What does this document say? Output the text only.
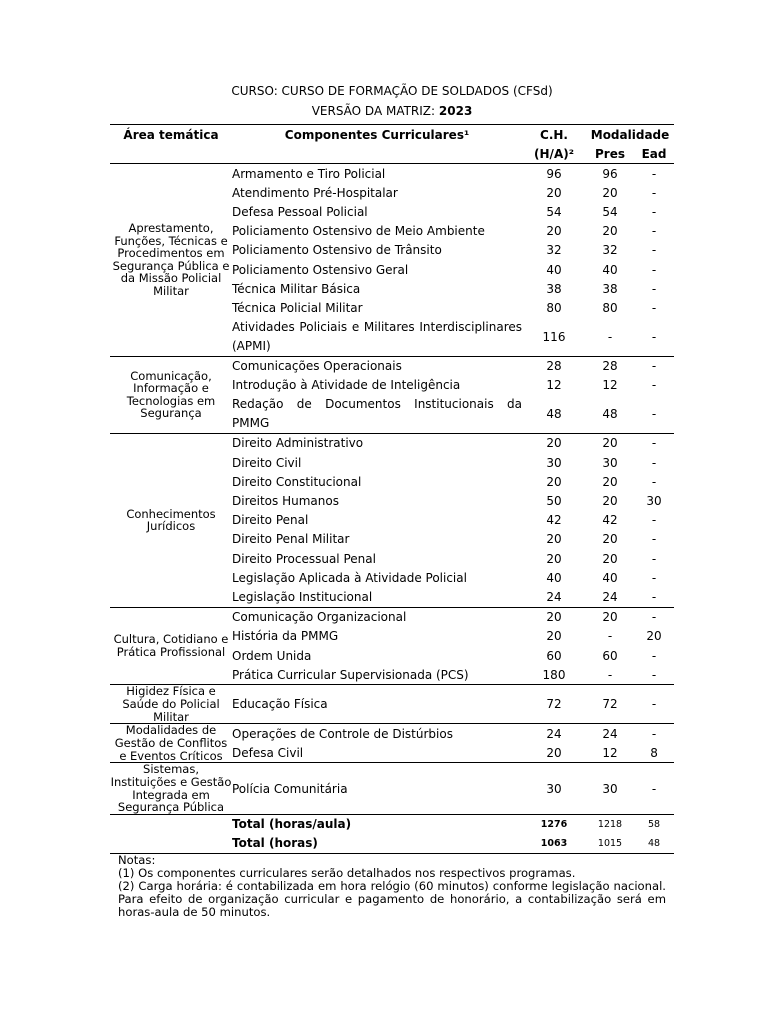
CURSO: CURSO DE FORMAÇÃO DE SOLDADOS (CFSd)
VERSÃO DA MATRIZ: 2023
Área temática	Componentes Curriculares¹	C.H.	Modalidade	
		(H/A)²	Pres	Ead
Aprestamento, Funções, Técnicas e Procedimentos em Segurança Pública e da Missão Policial Militar	Armamento e Tiro Policial	96	96	-
	Atendimento Pré-Hospitalar	20	20	-
	Defesa Pessoal Policial	54	54	-
	Policiamento Ostensivo de Meio Ambiente	20	20	-
	Policiamento Ostensivo de Trânsito	32	32	-
	Policiamento Ostensivo Geral	40	40	-
	Técnica Militar Básica	38	38	-
	Técnica Policial Militar	80	80	-
	Atividades Policiais e Militares Interdisciplinares (APMI)	116	-	-
Comunicação, Informação e Tecnologias em Segurança	Comunicações Operacionais	28	28	-
	Introdução à Atividade de Inteligência	12	12	-
	Redação de Documentos Institucionais da PMMG	48	48	-
Conhecimentos Jurídicos	Direito Administrativo	20	20	-
	Direito Civil	30	30	-
	Direito Constitucional	20	20	-
	Direitos Humanos	50	20	30
	Direito Penal	42	42	-
	Direito Penal Militar	20	20	-
	Direito Processual Penal	20	20	-
	Legislação Aplicada à Atividade Policial	40	40	-
	Legislação Institucional	24	24	-
Cultura, Cotidiano e Prática Profissional	Comunicação Organizacional	20	20	-
	História da PMMG	20	-	20
	Ordem Unida	60	60	-
	Prática Curricular Supervisionada (PCS)	180	-	-
Higidez Física e Saúde do Policial Militar	Educação Física	72	72	-
Modalidades de Gestão de Conflitos e Eventos Críticos	Operações de Controle de Distúrbios	24	24	-
	Defesa Civil	20	12	8
Sistemas, Instituições e Gestão Integrada em Segurança Pública	Polícia Comunitária	30	30	-
	Total (horas/aula)	1276	1218	58
	Total (horas)	1063	1015	48
Notas:
(1) Os componentes curriculares serão detalhados nos respectivos programas.
(2) Carga horária: é contabilizada em hora relógio (60 minutos) conforme legislação nacional. Para efeito de organização curricular e pagamento de honorário, a contabilização será em horas-aula de 50 minutos.
